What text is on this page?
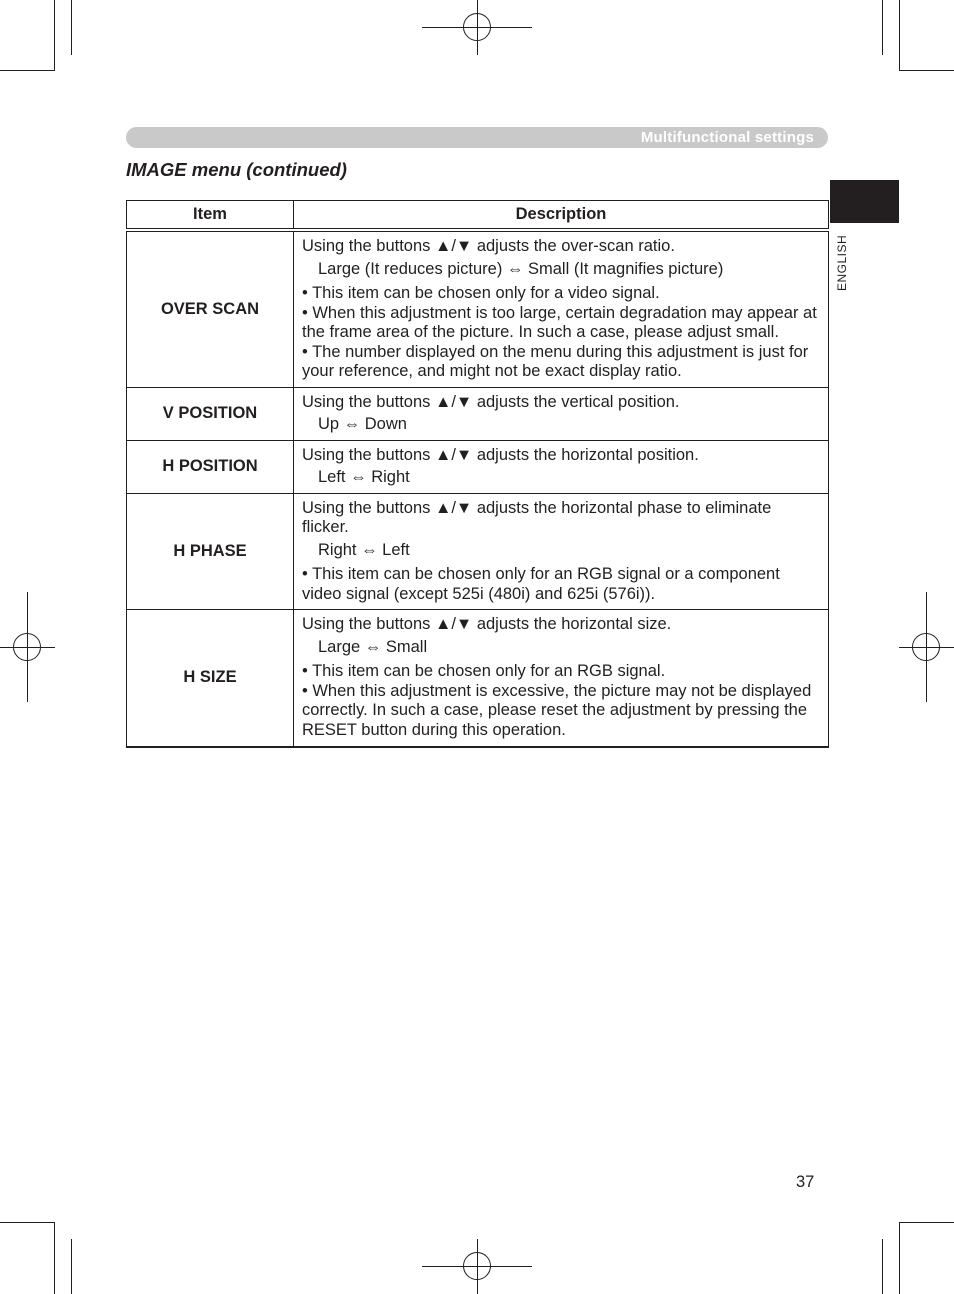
Multifunctional settings
IMAGE menu (continued)
ENGLISH
Item	Description
OVER SCAN	Using the buttons ▲/▼ adjusts the over-scan ratio.

Large (It reduces picture) ⇔ Small (It magnifies picture)

• This item can be chosen only for a video signal.

• When this adjustment is too large, certain degradation may appear at the frame area of the picture. In such a case, please adjust small.

• The number displayed on the menu during this adjustment is just for your reference, and might not be exact display ratio.

V POSITION	Using the buttons ▲/▼ adjusts the vertical position.

Up ⇔ Down

H POSITION	Using the buttons ▲/▼ adjusts the horizontal position.

Left ⇔ Right

H PHASE	Using the buttons ▲/▼ adjusts the horizontal phase to eliminate flicker.

Right ⇔ Left

• This item can be chosen only for an RGB signal or a component video signal (except 525i (480i) and 625i (576i)).

H SIZE	Using the buttons ▲/▼ adjusts the horizontal size.

Large ⇔ Small

• This item can be chosen only for an RGB signal.

• When this adjustment is excessive, the picture may not be displayed correctly. In such a case, please reset the adjustment by pressing the RESET button during this operation.

37
